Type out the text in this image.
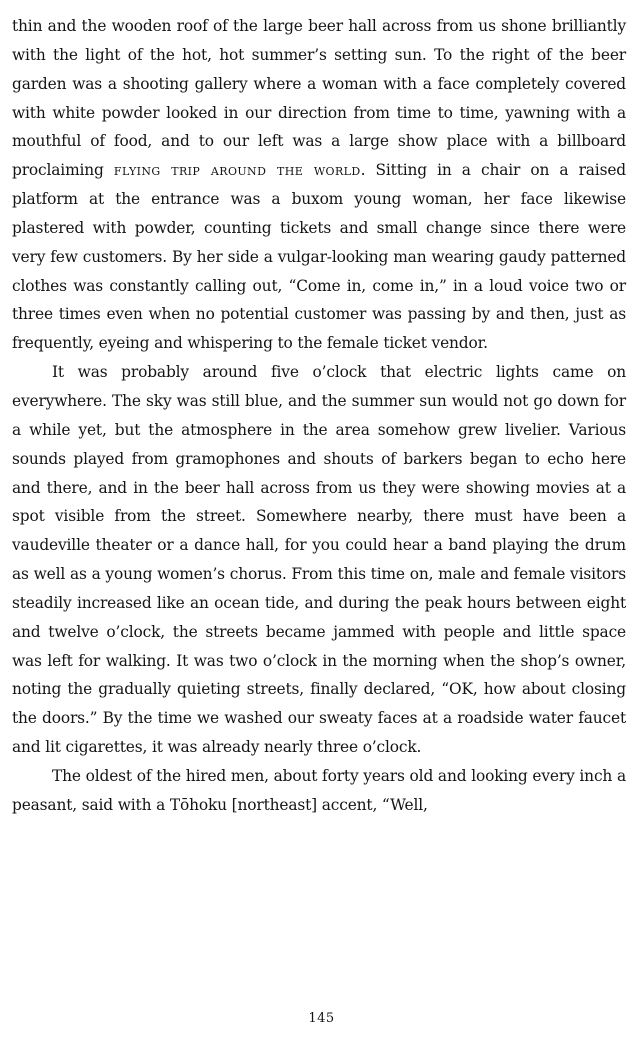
thin and the wooden roof of the large beer hall across from us shone brilliantly with the light of the hot, hot summer’s setting sun. To the right of the beer garden was a shooting gallery where a woman with a face completely covered with white powder looked in our direction from time to time, yawning with a mouthful of food, and to our left was a large show place with a billboard proclaiming flying trip around the world. Sitting in a chair on a raised platform at the entrance was a buxom young woman, her face likewise plastered with powder, counting tickets and small change since there were very few customers. By her side a vulgar-looking man wearing gaudy patterned clothes was constantly calling out, “Come in, come in,” in a loud voice two or three times even when no potential customer was passing by and then, just as frequently, eyeing and whispering to the female ticket vendor.

It was probably around five o’clock that electric lights came on everywhere. The sky was still blue, and the summer sun would not go down for a while yet, but the atmosphere in the area somehow grew livelier. Various sounds played from gramophones and shouts of barkers began to echo here and there, and in the beer hall across from us they were showing movies at a spot visible from the street. Somewhere nearby, there must have been a vaudeville theater or a dance hall, for you could hear a band playing the drum as well as a young women’s chorus. From this time on, male and female visitors steadily increased like an ocean tide, and during the peak hours between eight and twelve o’clock, the streets became jammed with people and little space was left for walking. It was two o’clock in the morning when the shop’s owner, noting the gradually quieting streets, finally declared, “OK, how about closing the doors.” By the time we washed our sweaty faces at a roadside water faucet and lit cigarettes, it was already nearly three o’clock.

The oldest of the hired men, about forty years old and looking every inch a peasant, said with a Tōhoku [northeast] accent, “Well,

145
